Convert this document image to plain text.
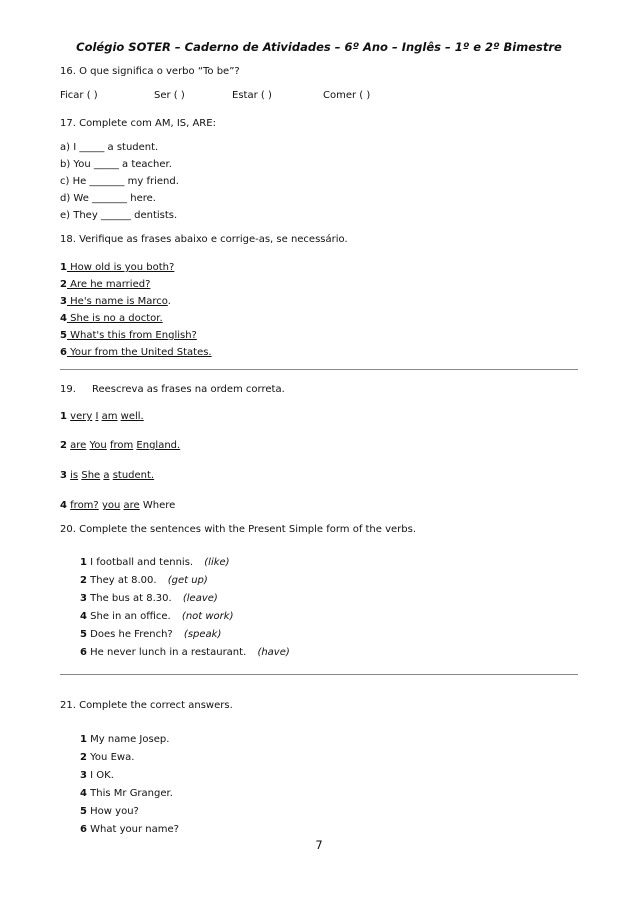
Colégio SOTER – Caderno de Atividades – 6º Ano – Inglês – 1º e 2º Bimestre
16. O que significa o verbo “To be”?
Ficar ( )	Ser ( )	Estar ( )	Comer ( )
17. Complete com AM, IS, ARE:
a) I _____ a student.
b) You _____ a teacher.
c) He _______ my friend.
d) We _______ here.
e) They ______ dentists.
18. Verifique as frases abaixo e corrige-as, se necessário.
1 How old is you both?
2 Are he married?
3 He's name is Marco.
4 She is no a doctor.
5 What's this from English?
6 Your from the United States.
19. Reescreva as frases na ordem correta.
1 very I am well.
2 are You from England.
3 is She a student.
4 from? you are Where
20. Complete the sentences with the Present Simple form of the verbs.
1 I football and tennis. (like)
2 They at 8.00. (get up)
3 The bus at 8.30. (leave)
4 She in an office. (not work)
5 Does he French? (speak)
6 He never lunch in a restaurant. (have)
21. Complete the correct answers.
1 My name Josep.
2 You Ewa.
3 I OK.
4 This Mr Granger.
5 How you?
6 What your name?
7
